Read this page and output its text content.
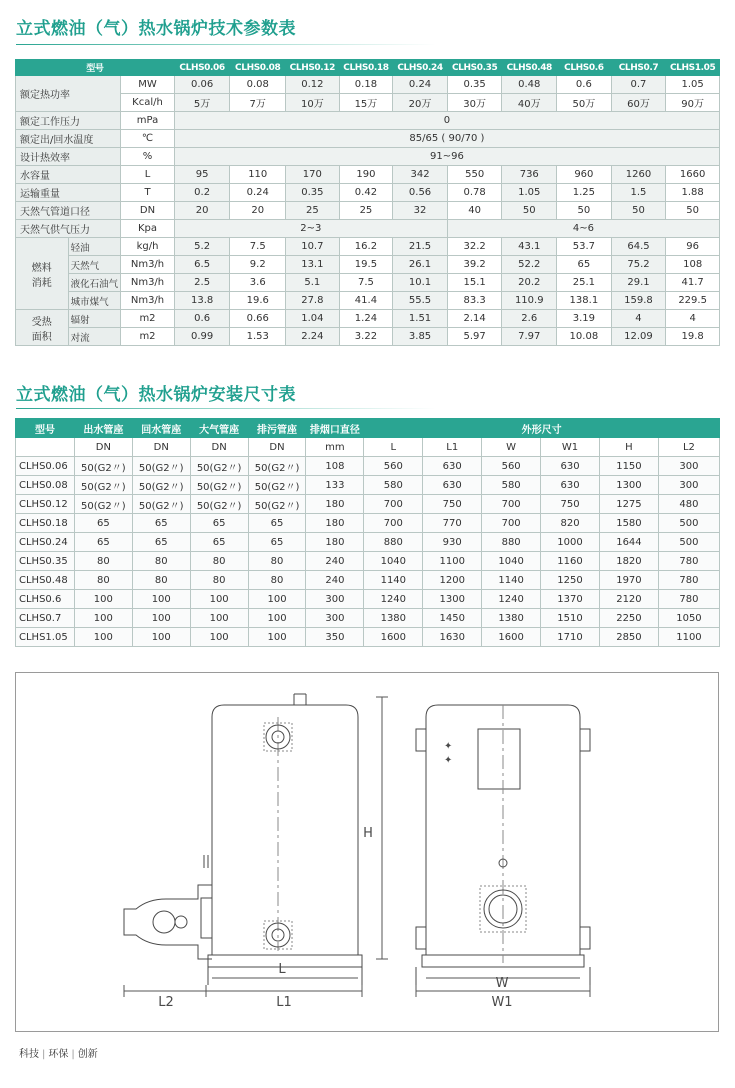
立式燃油（气）热水锅炉技术参数表
型号			CLHS0.06	CLHS0.08	CLHS0.12	CLHS0.18	CLHS0.24	CLHS0.35	CLHS0.48	CLHS0.6	CLHS0.7	CLHS1.05
额定热功率		MW	0.06	0.08	0.12	0.18	0.24	0.35	0.48	0.6	0.7	1.05
		Kcal/h	5万	7万	10万	15万	20万	30万	40万	50万	60万	90万
额定工作压力		mPa	0									
额定出/回水温度		℃	85/65 ( 90/70 )									
设计热效率		%	91~96									
水容量		L	95	110	170	190	342	550	736	960	1260	1660
运输重量		T	0.2	0.24	0.35	0.42	0.56	0.78	1.05	1.25	1.5	1.88
天然气管道口径		DN	20	20	25	25	32	40	50	50	50	50
天然气供气压力		Kpa	2~3					4~6				

燃料
消耗	轻油	kg/h	5.2	7.5	10.7	16.2	21.5	32.2	43.1	53.7	64.5	96
	天然气	Nm3/h	6.5	9.2	13.1	19.5	26.1	39.2	52.2	65	75.2	108
	液化石油气	Nm3/h	2.5	3.6	5.1	7.5	10.1	15.1	20.2	25.1	29.1	41.7
	城市煤气	Nm3/h	13.8	19.6	27.8	41.4	55.5	83.3	110.9	138.1	159.8	229.5

受热
面积	辐射	m2	0.6	0.66	1.04	1.24	1.51	2.14	2.6	3.19	4	4
	对流	m2	0.99	1.53	2.24	3.22	3.85	5.97	7.97	10.08	12.09	19.8
立式燃油（气）热水锅炉安装尺寸表
型号	出水管座	回水管座	大气管座	排污管座	排烟口直径	外形尺寸					
	DN	DN	DN	DN	mm	L	L1	W	W1	H	L2
CLHS0.06	50(G2〃)	50(G2〃)	50(G2〃)	50(G2〃)	108	560	630	560	630	1150	300
CLHS0.08	50(G2〃)	50(G2〃)	50(G2〃)	50(G2〃)	133	580	630	580	630	1300	300
CLHS0.12	50(G2〃)	50(G2〃)	50(G2〃)	50(G2〃)	180	700	750	700	750	1275	480
CLHS0.18	65	65	65	65	180	700	770	700	820	1580	500
CLHS0.24	65	65	65	65	180	880	930	880	1000	1644	500
CLHS0.35	80	80	80	80	240	1040	1100	1040	1160	1820	780
CLHS0.48	80	80	80	80	240	1140	1200	1140	1250	1970	780
CLHS0.6	100	100	100	100	300	1240	1300	1240	1370	2120	780
CLHS0.7	100	100	100	100	300	1380	1450	1380	1510	2250	1050
CLHS1.05	100	100	100	100	350	1600	1630	1600	1710	2850	1100
✦
✦
H
L
L1
L2
W
W1
科技 | 环保 | 创新
